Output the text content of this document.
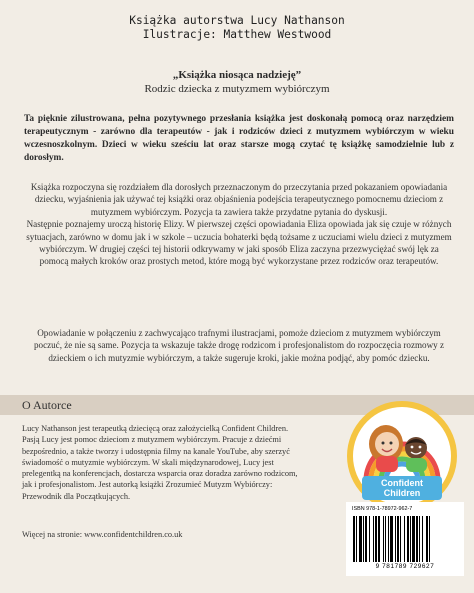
Książka autorstwa Lucy Nathanson
Ilustracje: Matthew Westwood
„Książka niosąca nadzieję”
Rodzic dziecka z mutyzmem wybiórczym
Ta pięknie zilustrowana, pełna pozytywnego przesłania książka jest doskonałą pomocą oraz narzędziem terapeutycznym - zarówno dla terapeutów - jak i rodziców dzieci z mutyzmem wybiórczym w wieku wczesnoszkolnym. Dzieci w wieku sześciu lat oraz starsze mogą czytać tę książkę samodzielnie lub z dorosłym.
Książka rozpoczyna się rozdziałem dla dorosłych przeznaczonym do przeczytania przed pokazaniem opowiadania dziecku, wyjaśnienia jak używać tej książki oraz objaśnienia podejścia terapeutycznego pomocnemu dzieciom z mutyzmem wybiórczym. Pozycja ta zawiera także przydatne pytania do dyskusji.
Następnie poznajemy uroczą historię Elizy. W pierwszej części opowiadania Eliza opowiada jak się czuje w różnych sytuacjach, zarówno w domu jak i w szkole – uczucia bohaterki będą tożsame z uczuciami wielu dzieci z mutyzmem wybiórczym. W drugiej części tej historii odkrywamy w jaki sposób Eliza zaczyna przezwyciężać swój lęk za pomocą małych kroków oraz prostych metod, które mogą być wykorzystane przez rodziców oraz terapeutów.
Opowiadanie w połączeniu z zachwycająco trafnymi ilustracjami, pomoże dzieciom z mutyzmem wybiórczym poczuć, że nie są same. Pozycja ta wskazuje także drogę rodzicom i profesjonalistom do rozpoczęcia rozmowy z dzieckiem o ich mutyzmie wybiórczym, a także sugeruje kroki, jakie można podjąć, aby pomóc dziecku.
O Autorce
Lucy Nathanson jest terapeutką dziecięcą oraz założycielką Confident Children. Pasją Lucy jest pomoc dzieciom z mutyzmem wybiórczym. Pracuje z dziećmi bezpośrednio, a także tworzy i udostępnia filmy na kanale YouTube, aby szerzyć świadomość o mutyzmie wybiórczym. W skali międzynarodowej, Lucy jest prelegentką na konferencjach, dostarcza wsparcia oraz doradza zarówno rodzicom, jak i profesjonalistom. Jest autorką książki Zrozumieć Mutyzm Wybiórczy: Przewodnik dla Początkujących.
Więcej na stronie: www.confidentchildren.co.uk
Confident
Children
ISBN 978-1-78972-962-7
9 781789 729627
